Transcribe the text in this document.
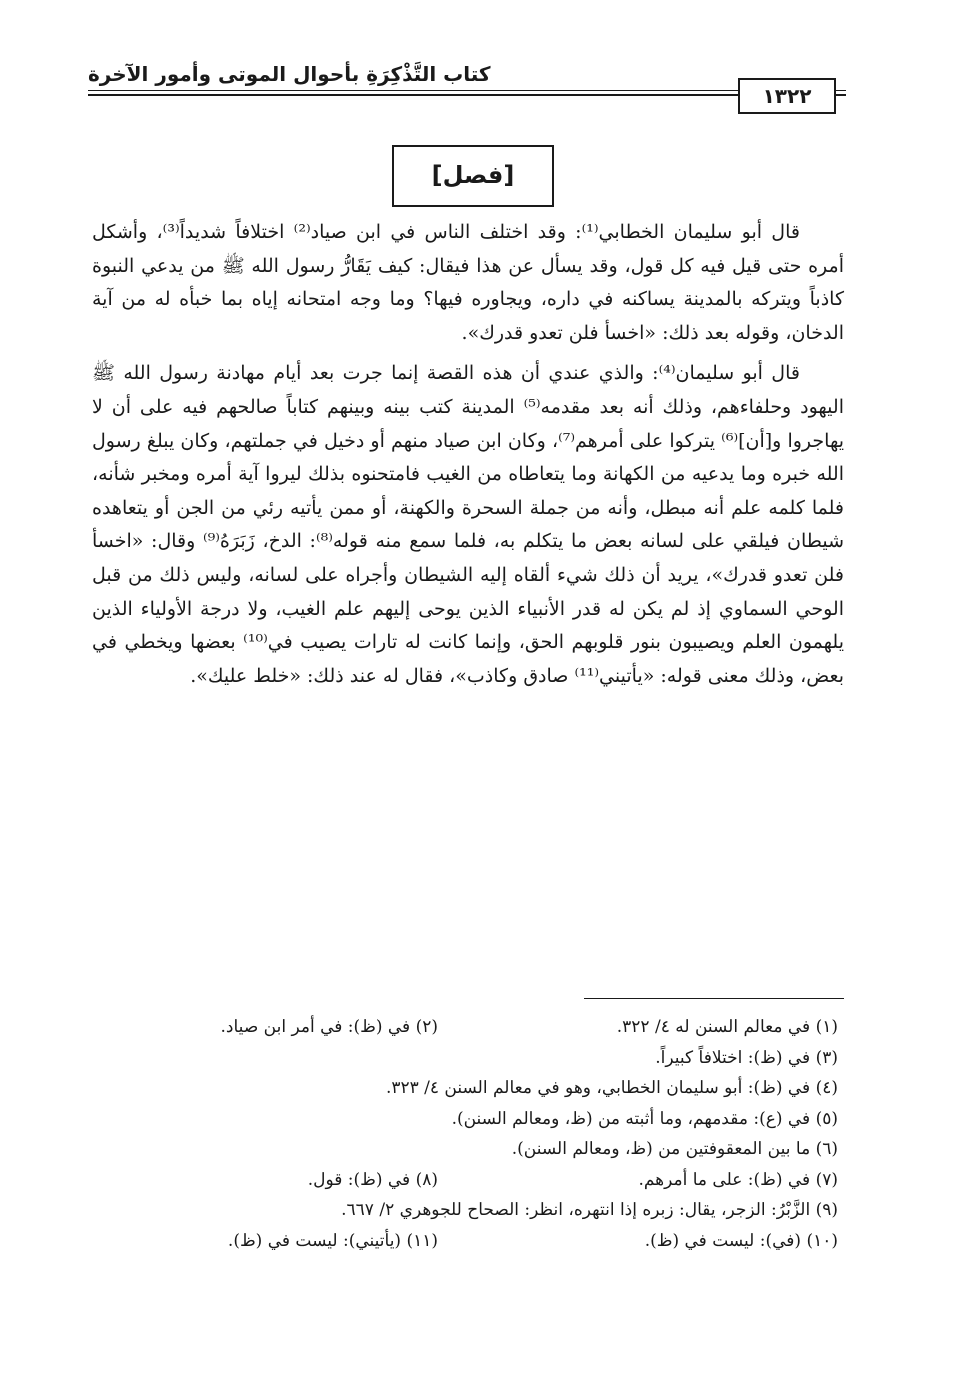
كتاب التَّذْكِرَةِ بأحوال الموتى وأمور الآخرة
١٣٢٢
[فصل]

قال أبو سليمان الخطابي⁽¹⁾: وقد اختلف الناس في ابن صياد⁽²⁾ اختلافاً شديداً⁽³⁾، وأشكل أمره حتى قيل فيه كل قول، وقد يسأل عن هذا فيقال: كيف يَقَارُّ رسول الله ﷺ من يدعي النبوة كاذباً ويتركه بالمدينة يساكنه في داره، ويجاوره فيها؟ وما وجه امتحانه إياه بما خبأه له من آية الدخان، وقوله بعد ذلك: «اخسأ فلن تعدو قدرك».

قال أبو سليمان⁽⁴⁾: والذي عندي أن هذه القصة إنما جرت بعد أيام مهادنة رسول الله ﷺ اليهود وحلفاءهم، وذلك أنه بعد مقدمه⁽⁵⁾ المدينة كتب بينه وبينهم كتاباً صالحهم فيه على أن لا يهاجروا و[أن]⁽⁶⁾ يتركوا على أمرهم⁽⁷⁾، وكان ابن صياد منهم أو دخيل في جملتهم، وكان يبلغ رسول الله خبره وما يدعيه من الكهانة وما يتعاطاه من الغيب فامتحنوه بذلك ليروا آية أمره ومخبر شأنه، فلما كلمه علم أنه مبطل، وأنه من جملة السحرة والكهنة، أو ممن يأتيه رئي من الجن أو يتعاهده شيطان فيلقي على لسانه بعض ما يتكلم به، فلما سمع منه قوله⁽⁸⁾: الدخ، زَبَرَهُ⁽⁹⁾ وقال: «اخسأ فلن تعدو قدرك»، يريد أن ذلك شيء ألقاه إليه الشيطان وأجراه على لسانه، وليس ذلك من قبل الوحي السماوي إذ لم يكن له قدر الأنبياء الذين يوحى إليهم علم الغيب، ولا درجة الأولياء الذين يلهمون العلم ويصيبون بنور قلوبهم الحق، وإنما كانت له تارات يصيب في⁽¹⁰⁾ بعضها ويخطي في بعض، وذلك معنى قوله: «يأتيني⁽¹¹⁾ صادق وكاذب»، فقال له عند ذلك: «خلط عليك».

(١) في معالم السنن له ٤/ ٣٢٢.
(٢) في (ظ): في أمر ابن صياد.
(٣) في (ظ): اختلافاً كبيراً.
(٤) في (ظ): أبو سليمان الخطابي، وهو في معالم السنن ٤/ ٣٢٣.
(٥) في (ع): مقدمهم، وما أثبته من (ظ، ومعالم السنن).
(٦) ما بين المعقوفتين من (ظ، ومعالم السنن).
(٧) في (ظ): على ما أمرهم.
(٨) في (ظ): قول.
(٩) الزَّبْرُ: الزجر، يقال: زبره إذا انتهره، انظر: الصحاح للجوهري ٢/ ٦٦٧.
(١٠) (في): ليست في (ظ).
(١١) (يأتيني): ليست في (ظ).
